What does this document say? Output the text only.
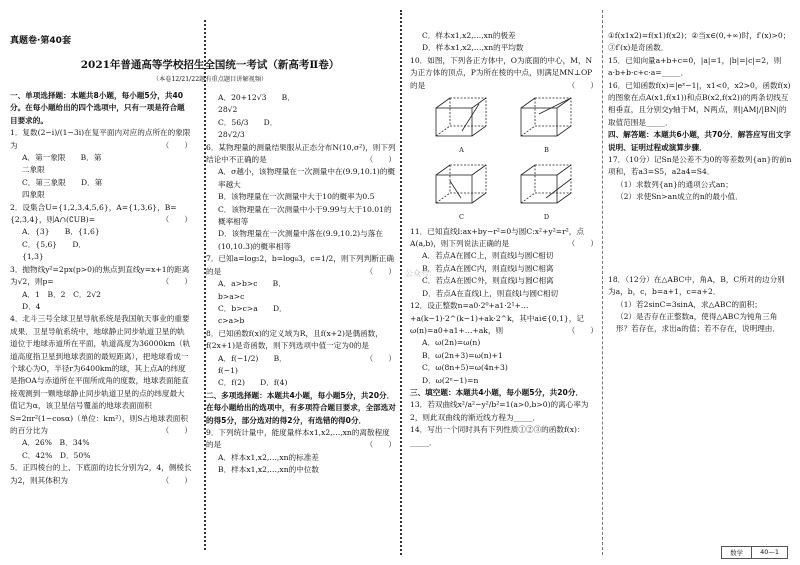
真题卷·第40套
2021年普通高等学校招生全国统一考试（新高考Ⅱ卷）
（本卷12/21/22题有重点题目讲解视频）

一、单项选择题：本题共8小题，每小题5分，共40分。在每小题给出的四个选项中，只有一项是符合题目要求的。

1．复数(2−i)/(1−3i)在复平面内对应的点所在的象限为	（　　）

A．第一象限　　B．第二象限
C．第三象限　　D．第四象限

2．设集合U={1,2,3,4,5,6}，A={1,3,6}，B={2,3,4}，则A∩(∁UB)=	（　　）

A．{3}　　B．{1,6}
C．{5,6}　　D．{1,3}

3．抛物线y²=2px(p>0)的焦点到直线y=x+1的距离为√2，则p=	（　　）

A．1　B．2　C．2√2　D．4

4．北斗三号全球卫星导航系统是我国航天事业的重要成果．卫星导航系统中，地球静止同步轨道卫星的轨道位于地球赤道所在平面，轨道高度为36000km（轨道高度指卫星到地球表面的最短距离），把地球看成一个球心为O，半径r为6400km的球，其上点A的纬度是指OA与赤道所在平面所成角的度数，地球表面能直接观测到一颗地球静止同步轨道卫星的点的纬度最大值记为α，该卫星信号覆盖的地球表面面积S=2πr²(1−cosα)（单位：km²），则S占地球表面积的百分比为	（　　）

A．26%　B．34%　C．42%　D．50%

5．正四棱台的上、下底面的边长分别为2，4，侧棱长为2，则其体积为	（　　）

A．20+12√3　　B．28√2
C．56/3　　D．28√2/3

6．某物理量的测量结果服从正态分布N(10,σ²)，则下列结论中不正确的是	（　　）

A．σ越小，该物理量在一次测量中在(9.9,10.1)的概率越大

B．该物理量在一次测量中大于10的概率为0.5

C．该物理量在一次测量中小于9.99与大于10.01的概率相等

D．该物理量在一次测量中落在(9.9,10.2)与落在(10,10.3)的概率相等

7．已知a=log₅2，b=log₈3，c=1/2，则下列判断正确的是	（　　）

A．a>b>c　　B．b>a>c
C．b>c>a　　D．c>a>b

8．已知函数f(x)的定义域为R，且f(x+2)是偶函数，f(2x+1)是奇函数，则下列选项中值一定为0的是
（　　）

A．f(−1/2)　　B．f(−1)
C．f(2)　　D．f(4)

二、多项选择题：本题共4小题，每小题5分，共20分．在每小题给出的选项中，有多项符合题目要求，全部选对的得5分，部分选对的得2分，有选错的得0分．

9．下列统计量中，能度量样本x1,x2,…,xn的离散程度的是	（　　）

A．样本x1,x2,…,xn的标准差

B．样本x1,x2,…,xn的中位数

C．样本x1,x2,…,xn的极差

D．样本x1,x2,…,xn的平均数

10．如图，下列各正方体中，O为底面的中心，M，N为正方体的顶点，P为所在棱的中点，则满足MN⊥OP的是	（　　）

A	B
C	D

11．已知直线l:ax+by−r²=0与圆C:x²+y²=r²，点A(a,b)，则下列说法正确的是	（　　）

A．若点A在圆C上，则直线l与圆C相切

B．若点A在圆C内，则直线l与圆C相离

C．若点A在圆C外，则直线l与圆C相离

D．若点A在直线l上，则直线l与圆C相切

12．设正整数n=a0·2⁰+a1·2¹+…+a(k−1)·2^(k−1)+ak·2^k，其中ai∈{0,1}，记ω(n)=a0+a1+…+ak，则	（　　）

A．ω(2n)=ω(n)

B．ω(2n+3)=ω(n)+1

C．ω(8n+5)=ω(4n+3)

D．ω(2ⁿ−1)=n

三、填空题：本题共4小题，每小题5分，共20分．

13．若双曲线x²/a²−y²/b²=1(a>0,b>0)的离心率为2，则此双曲线的渐近线方程为_____．

14．写出一个同时具有下列性质①②③的函数f(x)：_____．

公众号：一

①f(x1x2)=f(x1)f(x2)；②当x∈(0,+∞)时，f′(x)>0；③f′(x)是奇函数．

15．已知向量a+b+c=0，|a|=1，|b|=|c|=2，则a·b+b·c+c·a=_____．

16．已知函数f(x)=|eˣ−1|，x1<0，x2>0，函数f(x)的图象在点A(x1,f(x1))和点B(x2,f(x2))的两条切线互相垂直，且分别交y轴于M，N两点，则|AM|/|BN|的取值范围是_____．

四、解答题：本题共6小题，共70分．解答应写出文字说明、证明过程或演算步骤．

17．（10分）记Sn是公差不为0的等差数列{an}的前n项和，若a3=S5，a2a4=S4．

（1）求数列{an}的通项公式an；

（2）求使Sn>an成立的n的最小值．

18．（12分）在△ABC中，角A，B，C所对的边分别为a，b，c，b=a+1，c=a+2．

（1）若2sinC=3sinA，求△ABC的面积；

（2）是否存在正整数a，使得△ABC为钝角三角形？若存在，求出a的值；若不存在，说明理由．

数学	40—1
